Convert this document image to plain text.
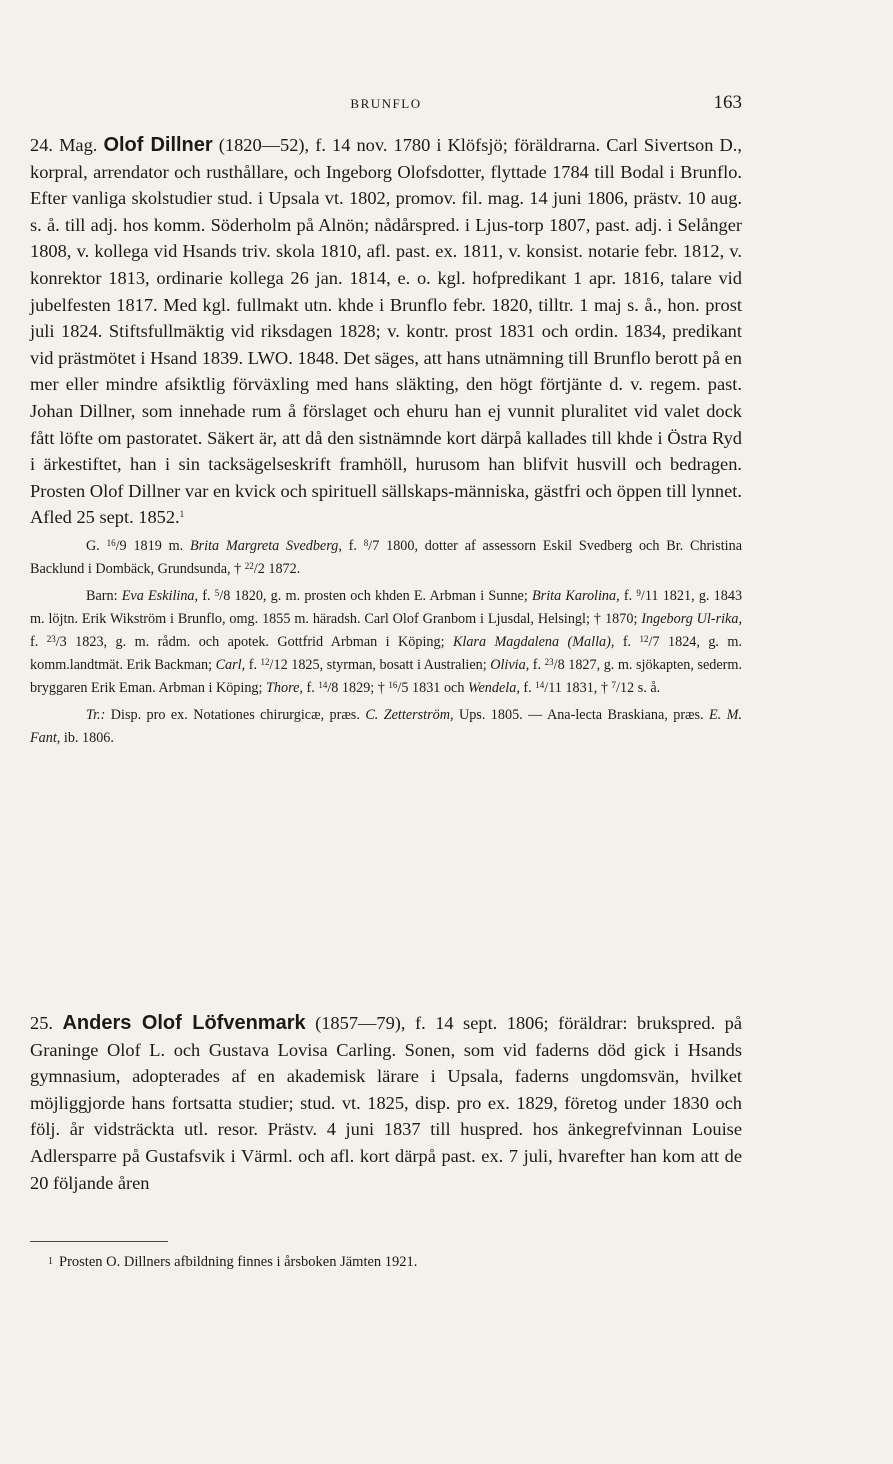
BRUNFLO	163

24. Mag. Olof Dillner (1820—52), f. 14 nov. 1780 i Klöfsjö; föräldrarna. Carl Sivertson D., korpral, arrendator och rusthållare, och Ingeborg Olofsdotter, flyttade 1784 till Bodal i Brunflo. Efter vanliga skolstudier stud. i Upsala vt. 1802, promov. fil. mag. 14 juni 1806, prästv. 10 aug. s. å. till adj. hos komm. Söderholm på Alnön; nådårspred. i Ljus-torp 1807, past. adj. i Selånger 1808, v. kollega vid Hsands triv. skola 1810, afl. past. ex. 1811, v. konsist. notarie febr. 1812, v. konrektor 1813, ordinarie kollega 26 jan. 1814, e. o. kgl. hofpredikant 1 apr. 1816, talare vid jubelfesten 1817. Med kgl. fullmakt utn. khde i Brunflo febr. 1820, tilltr. 1 maj s. å., hon. prost juli 1824. Stiftsfullmäktig vid riksdagen 1828; v. kontr. prost 1831 och ordin. 1834, predikant vid prästmötet i Hsand 1839. LWO. 1848. Det säges, att hans utnämning till Brunflo berott på en mer eller mindre afsiktlig förväxling med hans släkting, den högt förtjänte d. v. regem. past. Johan Dillner, som innehade rum å förslaget och ehuru han ej vunnit pluralitet vid valet dock fått löfte om pastoratet. Säkert är, att då den sistnämnde kort därpå kallades till khde i Östra Ryd i ärkestiftet, han i sin tacksägelseskrift framhöll, hurusom han blifvit husvill och bedragen. Prosten Olof Dillner var en kvick och spirituell sällskaps-människa, gästfri och öppen till lynnet. Afled 25 sept. 1852.$^1$

G. $^{16}$/9 1819 m. Brita Margreta Svedberg, f. $^8$/7 1800, dotter af assessorn Eskil Svedberg och Br. Christina Backlund i Dombäck, Grundsunda, † $^{22}$/2 1872.

Barn: Eva Eskilina, f. $^5$/8 1820, g. m. prosten och khden E. Arbman i Sunne; Brita Karolina, f. $^9$/11 1821, g. 1843 m. löjtn. Erik Wikström i Brunflo, omg. 1855 m. häradsh. Carl Olof Granbom i Ljusdal, Helsingl; † 1870; Ingeborg Ul-rika, f. $^{23}$/3 1823, g. m. rådm. och apotek. Gottfrid Arbman i Köping; Klara Magdalena (Malla), f. $^{12}$/7 1824, g. m. komm.landtmät. Erik Backman; Carl, f. $^{12}$/12 1825, styrman, bosatt i Australien; Olivia, f. $^{23}$/8 1827, g. m. sjökapten, sederm. bryggaren Erik Eman. Arbman i Köping; Thore, f. $^{14}$/8 1829; † $^{16}$/5 1831 och Wendela, f. $^{14}$/11 1831, † $^7$/12 s. å.

Tr.: Disp. pro ex. Notationes chirurgicæ, præs. C. Zetterström, Ups. 1805. — Ana-lecta Braskiana, præs. E. M. Fant, ib. 1806.

25. Anders Olof Löfvenmark (1857—79), f. 14 sept. 1806; föräldrar: brukspred. på Graninge Olof L. och Gustava Lovisa Carling. Sonen, som vid faderns död gick i Hsands gymnasium, adopterades af en akademisk lärare i Upsala, faderns ungdomsvän, hvilket möjliggjorde hans fortsatta studier; stud. vt. 1825, disp. pro ex. 1829, företog under 1830 och följ. år vidsträckta utl. resor. Prästv. 4 juni 1837 till huspred. hos änkegrefvinnan Louise Adlersparre på Gustafsvik i Värml. och afl. kort därpå past. ex. 7 juli, hvarefter han kom att de 20 följande åren

$^1$ Prosten O. Dillners afbildning finnes i årsboken Jämten 1921.
